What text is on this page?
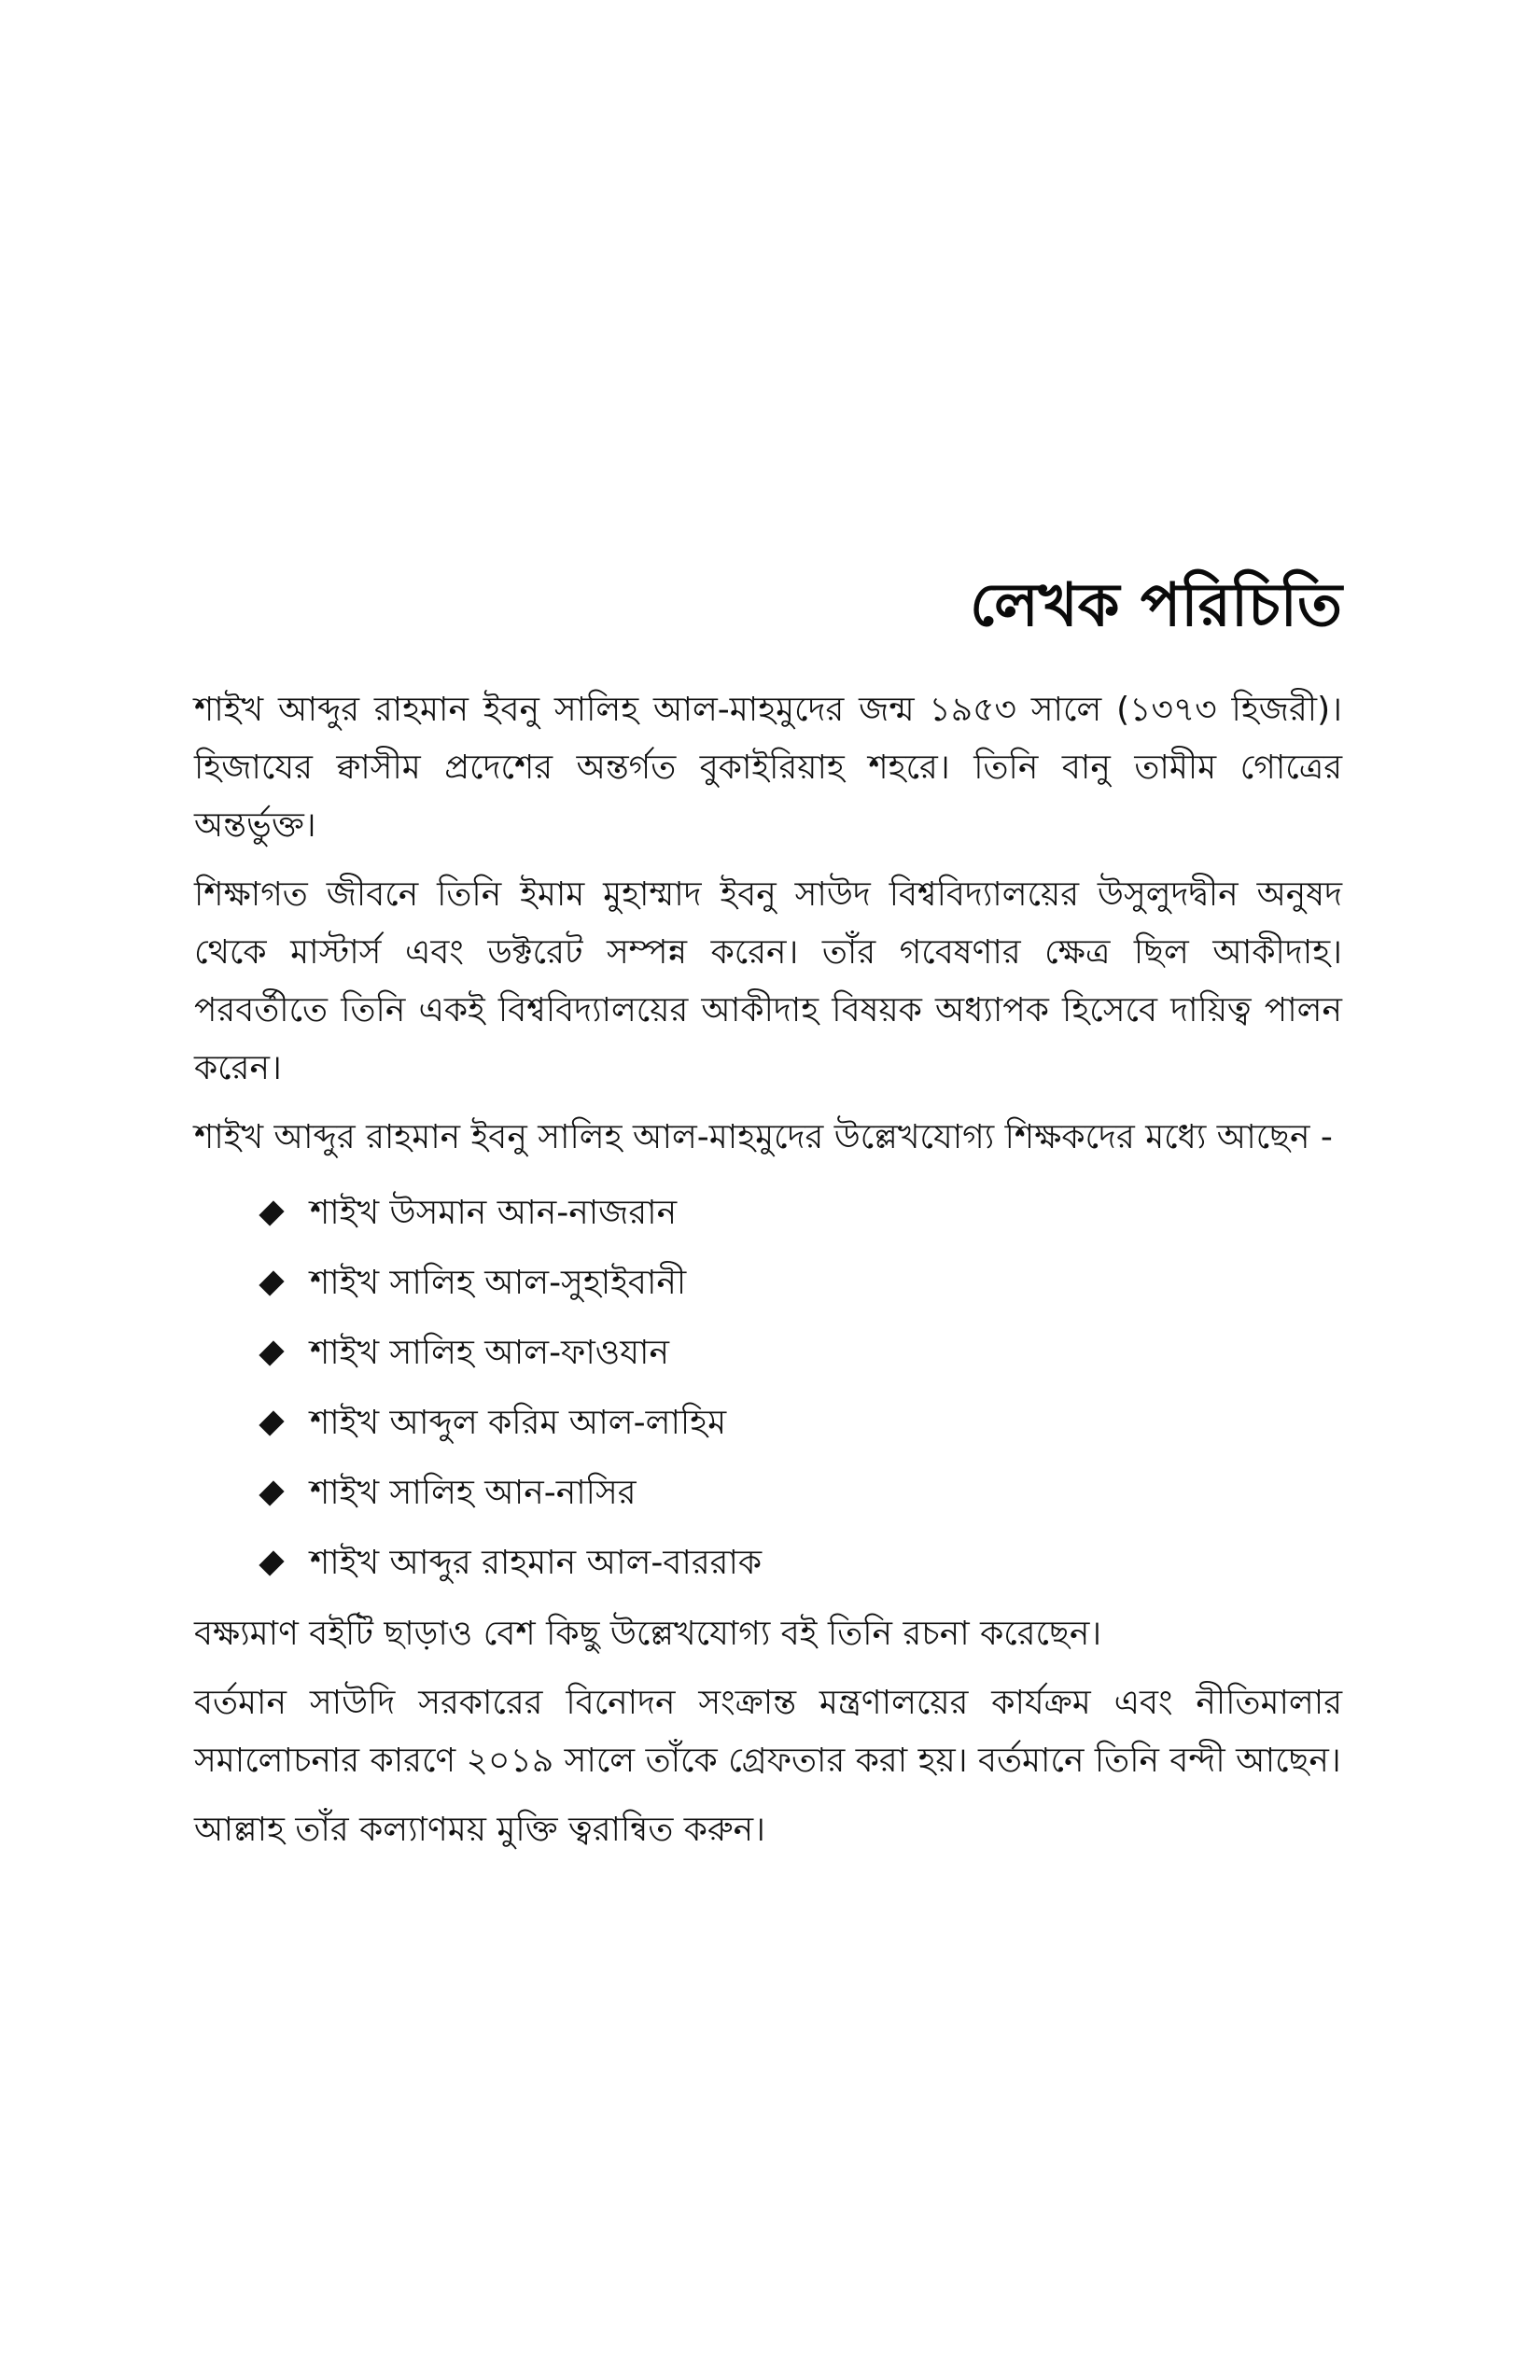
লেখক পরিচিতি

শাইখ আব্দুর রাহমান ইবনু সালিহ আল-মাহমুদের জন্ম ১৯৫৩ সালে (১৩৭৩ হিজরী)। হিজাযের ক্বাসীম প্রদেশের অন্তর্গত বুকাইরিয়াহ শহরে। তিনি বানু তামীম গোত্রের অন্তর্ভুক্ত।

শিক্ষাগত জীবনে তিনি ইমাম মুহাম্মাদ ইবনু সাউদ বিশ্ববিদ্যালয়ের উসুলুদদ্বীন অনুষদ থেকে মাস্টার্স এবং ডক্টরেট সম্পন্ন করেন। তাঁর গবেষণার ক্ষেত্র ছিল আকীদাহ। পরবর্তীতে তিনি একই বিশ্ববিদ্যালয়ের আকীদাহ বিষয়ক অধ্যাপক হিসেবে দায়িত্ব পালন করেন।

শাইখ আব্দুর রাহমান ইবনু সালিহ আল-মাহমুদের উল্লেখযোগ্য শিক্ষকদের মধ্যে আছেন -

শাইখ উসমান আন-নাজরান
শাইখ সালিহ আল-সুহাইবানী
শাইখ সালিহ আল-ফাওযান
শাইখ আব্দুল করিম আল-লাহিম
শাইখ সালিহ আন-নাসির
শাইখ আব্দুর রাহমান আল-বাররাক

বক্ষ্যমাণ বইটি ছাড়াও বেশ কিছু উল্লেখযোগ্য বই তিনি রচনা করেছেন।

বর্তমান সাউদি সরকারের বিনোদন সংক্রান্ত মন্ত্রণালয়ের কার্যক্রম এবং নীতিমালার সমালোচনার কারণে ২০১৯ সালে তাঁকে গ্রেফতার করা হয়। বর্তমানে তিনি বন্দী আছেন।

আল্লাহ তাঁর কল্যাণময় মুক্তি ত্বরান্বিত করুন।
